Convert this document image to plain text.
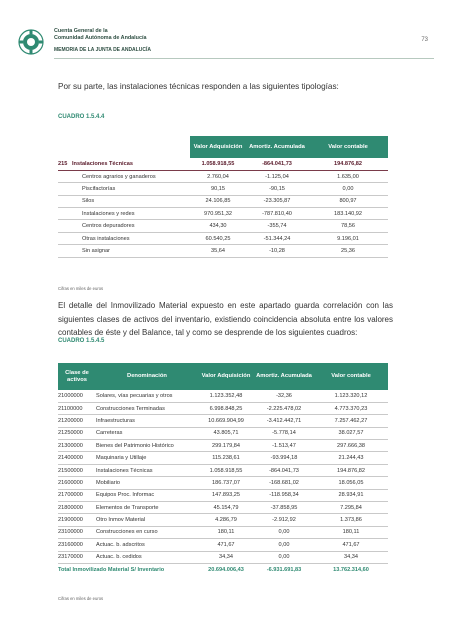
Cuenta General de la
Comunidad Autónoma de Andalucía
MEMORIA DE LA JUNTA DE ANDALUCÍA
73
Por su parte, las instalaciones técnicas responden a las siguientes tipologías:
CUADRO 1.5.4.4
		Valor Adquisición	Amortiz. Acumulada	Valor contable
215	Instalaciones Técnicas	1.058.918,55	-864.041,73	194.876,82
	Centros agrarios y ganaderos	2.760,04	-1.125,04	1.635,00
	Piscifactorías	90,15	-90,15	0,00
	Silos	24.106,85	-23.305,87	800,97
	Instalaciones y redes	970.951,32	-787.810,40	183.140,92
	Centros depuradores	434,30	-355,74	78,56
	Otras instalaciones	60.540,25	-51.344,24	9.196,01
	Sin asignar	35,64	-10,28	25,36
Cifras en miles de euros
El detalle del Inmovilizado Material expuesto en este apartado guarda correlación con las siguientes clases de activos del inventario, existiendo coincidencia absoluta entre los valores contables de éste y del Balance, tal y como se desprende de los siguientes cuadros:
CUADRO 1.5.4.5
Clase de activos	Denominación	Valor Adquisición	Amortiz. Acumulada	Valor contable
21000000	Solares, vías pecuarias y otros	1.123.352,48	-32,36	1.123.320,12
21100000	Construcciones Terminadas	6.998.848,25	-2.225.478,02	4.773.370,23
21200000	Infraestructuras	10.669.904,99	-3.412.442,71	7.257.462,27
21250000	Carreteras	43.805,71	-5.778,14	38.027,57
21300000	Bienes del Patrimonio Histórico	299.179,84	-1.513,47	297.666,38
21400000	Maquinaria y Utillaje	115.238,61	-93.994,18	21.244,43
21500000	Instalaciones Técnicas	1.058.918,55	-864.041,73	194.876,82
21600000	Mobiliario	186.737,07	-168.681,02	18.056,05
21700000	Equipos Proc. Informac	147.893,25	-118.958,34	28.934,91
21800000	Elementos de Transporte	45.154,79	-37.858,95	7.295,84
21900000	Otro Inmov Material	4.286,79	-2.912,92	1.373,86
23100000	Construcciones en curso	180,11	0,00	180,11
23160000	Actuac. b. adscritos	471,67	0,00	471,67
23170000	Actuac. b. cedidos	34,34	0,00	34,34
Total Inmovilizado Material S/ Inventario		20.694.006,43	-6.931.691,83	13.762.314,60
Cifras en miles de euros
